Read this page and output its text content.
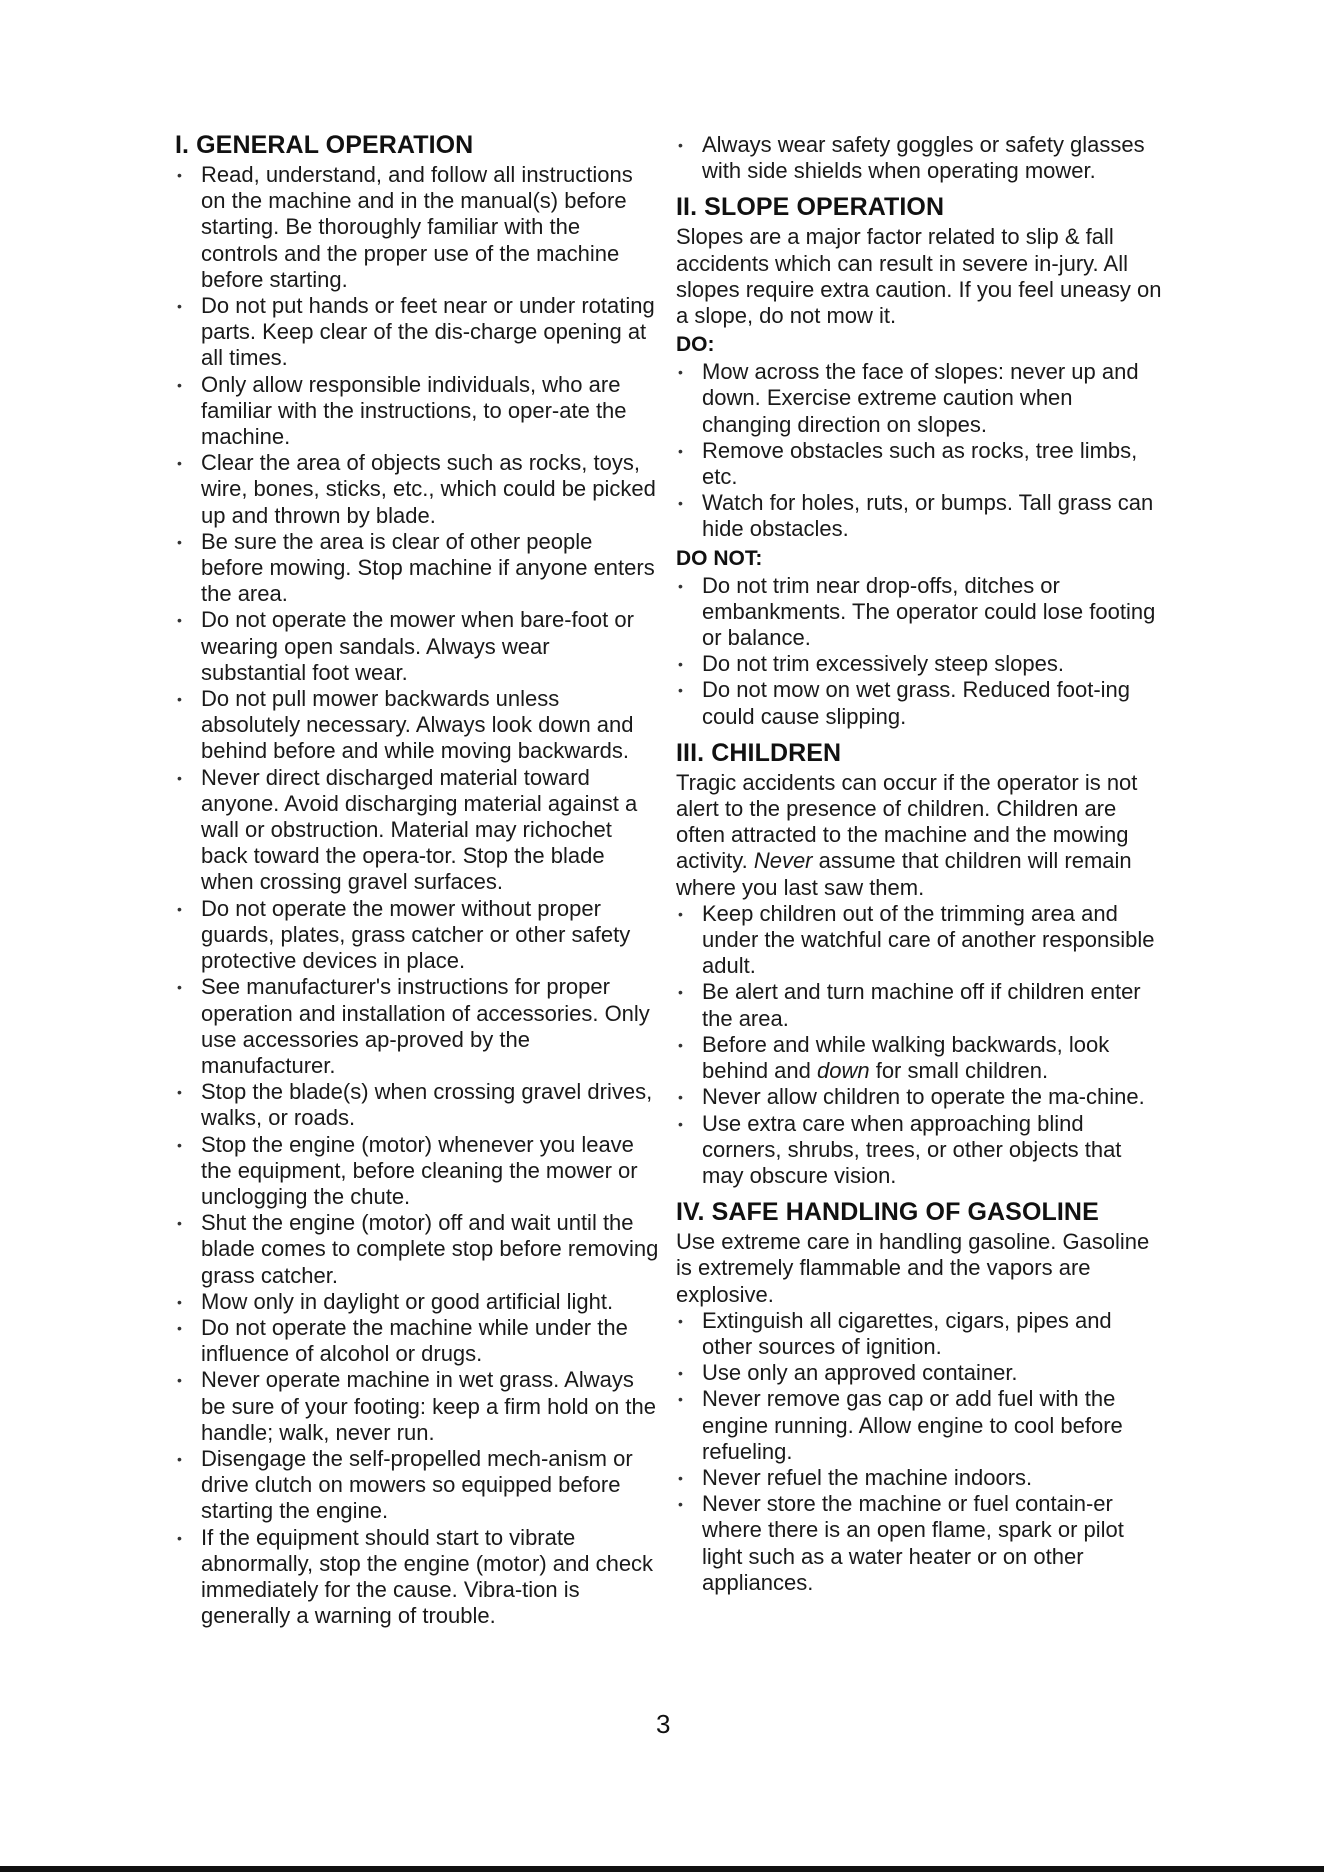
I. GENERAL OPERATION
• Read, understand, and follow all instructions on the machine and in the manual(s) before starting. Be thoroughly familiar with the controls and the proper use of the machine before starting.
• Do not put hands or feet near or under rotating parts. Keep clear of the dis-charge opening at all times.
• Only allow responsible individuals, who are familiar with the instructions, to oper-ate the machine.
• Clear the area of objects such as rocks, toys, wire, bones, sticks, etc., which could be picked up and thrown by blade.
• Be sure the area is clear of other people before mowing. Stop machine if anyone enters the area.
• Do not operate the mower when bare-foot or wearing open sandals. Always wear substantial foot wear.
• Do not pull mower backwards unless absolutely necessary. Always look down and behind before and while moving backwards.
• Never direct discharged material toward anyone. Avoid discharging material against a wall or obstruction. Material may richochet back toward the opera-tor. Stop the blade when crossing gravel surfaces.
• Do not operate the mower without proper guards, plates, grass catcher or other safety protective devices in place.
• See manufacturer's instructions for proper operation and installation of accessories. Only use accessories ap-proved by the manufacturer.
• Stop the blade(s) when crossing gravel drives, walks, or roads.
• Stop the engine (motor) whenever you leave the equipment, before cleaning the mower or unclogging the chute.
• Shut the engine (motor) off and wait until the blade comes to complete stop before removing grass catcher.
• Mow only in daylight or good artificial light.
• Do not operate the machine while under the influence of alcohol or drugs.
• Never operate machine in wet grass. Always be sure of your footing: keep a firm hold on the handle; walk, never run.
• Disengage the self-propelled mech-anism or drive clutch on mowers so equipped before starting the engine.
• If the equipment should start to vibrate abnormally, stop the engine (motor) and check immediately for the cause. Vibra-tion is generally a warning of trouble.
• Always wear safety goggles or safety glasses with side shields when operating mower.
II. SLOPE OPERATION

Slopes are a major factor related to slip & fall accidents which can result in severe in-jury. All slopes require extra caution. If you feel uneasy on a slope, do not mow it.

DO:
• Mow across the face of slopes: never up and down. Exercise extreme caution when changing direction on slopes.
• Remove obstacles such as rocks, tree limbs, etc.
• Watch for holes, ruts, or bumps. Tall grass can hide obstacles.
DO NOT:
• Do not trim near drop-offs, ditches or embankments. The operator could lose footing or balance.
• Do not trim excessively steep slopes.
• Do not mow on wet grass. Reduced foot-ing could cause slipping.
III. CHILDREN

Tragic accidents can occur if the operator is not alert to the presence of children. Children are often attracted to the machine and the mowing activity. Never assume that children will remain where you last saw them.

• Keep children out of the trimming area and under the watchful care of another responsible adult.
• Be alert and turn machine off if children enter the area.
• Before and while walking backwards, look behind and down for small children.
• Never allow children to operate the ma-chine.
• Use extra care when approaching blind corners, shrubs, trees, or other objects that may obscure vision.
IV. SAFE HANDLING OF GASOLINE

Use extreme care in handling gasoline. Gasoline is extremely flammable and the vapors are explosive.

• Extinguish all cigarettes, cigars, pipes and other sources of ignition.
• Use only an approved container.
• Never remove gas cap or add fuel with the engine running. Allow engine to cool before refueling.
• Never refuel the machine indoors.
• Never store the machine or fuel contain-er where there is an open flame, spark or pilot light such as a water heater or on other appliances.
3
